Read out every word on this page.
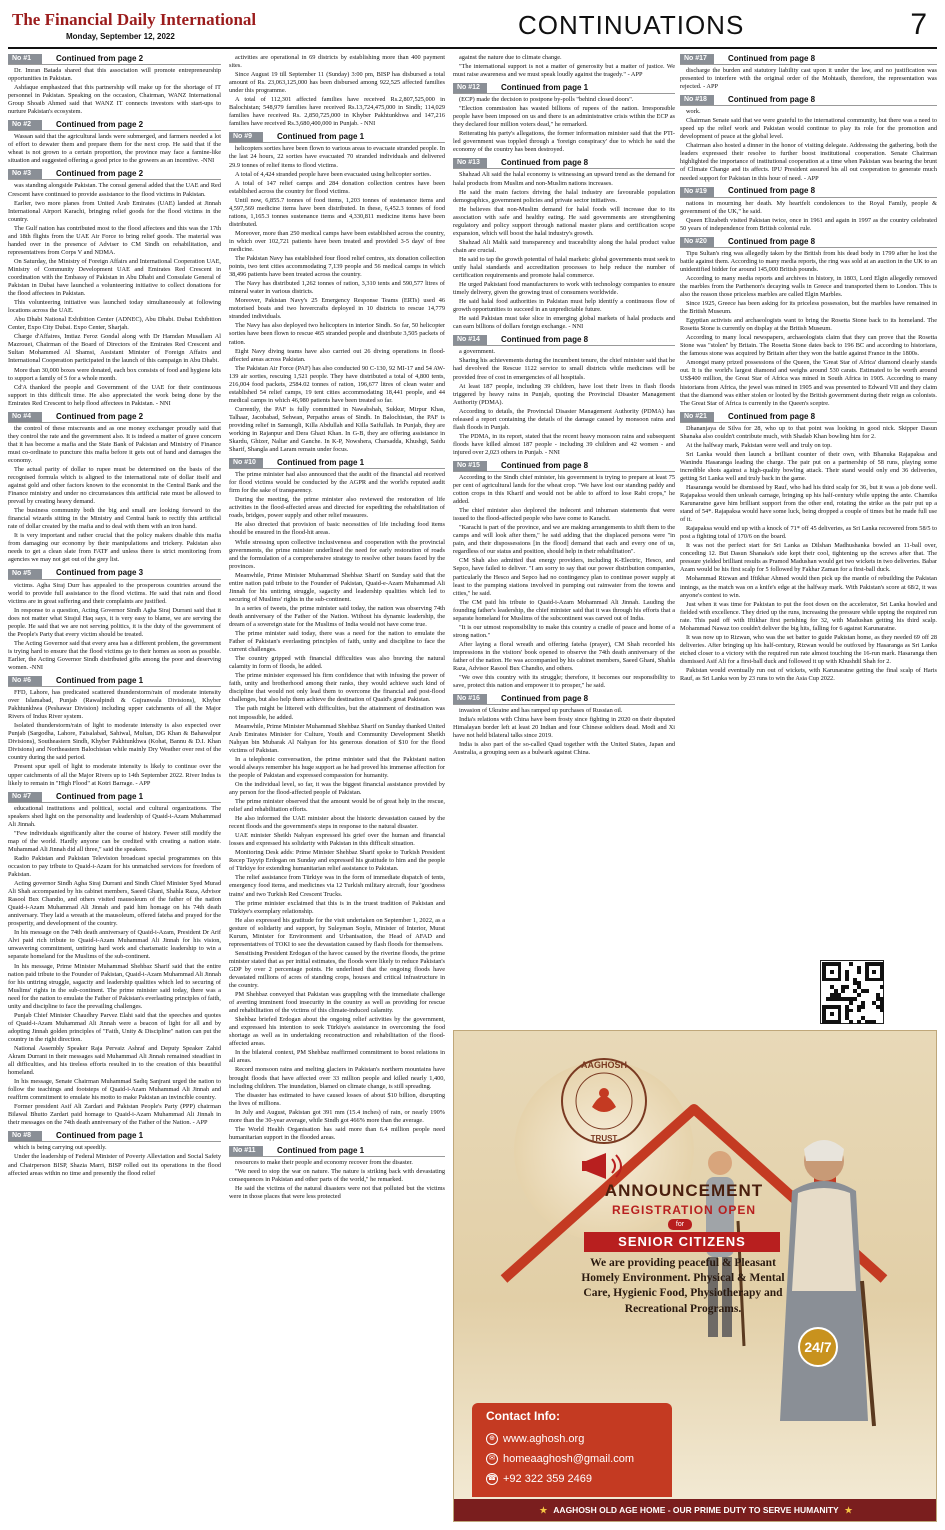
The Financial Daily International
Monday, September 12, 2022	CONTINUATIONS	7
No #1	Continued from page 2

Dr. Imran Batada shared that this association will promote entrepreneurship opportunities in Pakistan.

Ashfaque emphasized that this partnership will make up for the shortage of IT personnel in Pakistan. Speaking on the occasion, Chairman, WANZ International Group Shoaib Ahmed said that WANZ IT connects investors with start-ups to nurture Pakistan's ecosystem.

No #2	Continued from page 2

Wassan said that the agricultural lands were submerged, and farmers needed a lot of effort to dewater them and prepare them for the next crop. He said that if the wheat is not grown to a certain proportion, the province may face a famine-like situation and suggested offering a good price to the growers as an incentive. -NNI

No #3	Continued from page 2

was standing alongside Pakistan. The consul general added that the UAE and Red Crescent have continued to provide assistance to the flood victims in Pakistan.

Earlier, two more planes from United Arab Emirates (UAE) landed at Jinnah International Airport Karachi, bringing relief goods for the flood victims in the country.

The Gulf nation has contributed most to the flood affectees and this was the 17th and 18th flights from the UAE Air Force to bring relief goods. The material was handed over in the presence of Adviser to CM Sindh on rehabilitation, and representatives from Corps V and NDMA.

On Saturday, the Ministry of Foreign Affairs and International Cooperation UAE, Ministry of Community Development UAE and Emirates Red Crescent in coordination with the Embassy of Pakistan in Abu Dhabi and Consulate General of Pakistan in Dubai have launched a volunteering initiative to collect donations for the flood affectees in Pakistan.

This volunteering initiative was launched today simultaneously at following locations across the UAE.

Abu Dhabi National Exhibition Center (ADNEC), Abu Dhabi. Dubai Exhibition Center, Expo City Dubai. Expo Center, Sharjah.

Charge d'Affaires, Imtiaz Feroz Gondal along with Dr Hamdan Musallam Al Mazrouei, Chairman of the Board of Directors of the Emirates Red Crescent and Sultan Mohammed Al Shamsi, Assistant Minister of Foreign Affairs and International Cooperation participated in the launch of this campaign in Abu Dhabi.

More than 30,000 boxes were donated, each box consists of food and hygiene kits to support a family of 5 for a whole month.

Cd'A thanked the people and Government of the UAE for their continuous support in this difficult time. He also appreciated the work being done by the Emirates Red Crescent to help flood affectees in Pakistan. - NNI

No #4	Continued from page 2

the control of these miscreants and as one money exchanger proudly said that they control the rate and the government also. It is indeed a matter of grave concern that it has become a mafia and the State Bank of Pakistan and Ministry of Finance must co-ordinate to puncture this mafia before it gets out of hand and damages the economy.

The actual parity of dollar to rupee must be determined on the basis of the recognised formula which is aligned to the international rate of dollar itself and against gold and other factors known to the economist in the Central Bank and the Finance ministry and under no circumstances this artificial rate must be allowed to prevail by creating heavy demand.

The business community both the big and small are looking forward to the financial wizards sitting in the Ministry and Central bank to rectify this artificial rate of dollar created by the mafia and to deal with them with an iron hand.

It is very important and rather crucial that the policy makers disable this mafia from damaging our economy by their manipulations and trickery. Pakistan also needs to get a clean slate from FATF and unless there is strict monitoring from agencies we may not get out of the grey list.

No #5	Continued from page 3

victims. Agha Siraj Durr has appealed to the prosperous countries around the world to provide full assistance to the flood victims. He said that rain and flood victims are in great suffering and their complaints are justified.

In response to a question, Acting Governor Sindh Agha Siraj Durrani said that it does not matter what Sirajul Haq says, it is very easy to blame, we are serving the people. He said that we are not serving politics, it is the duty of the government of the People's Party that every victim should be treated.

The Acting Governor said that every area has a different problem, the government is trying hard to ensure that the flood victims go to their homes as soon as possible. Earlier, the Acting Governor Sindh distributed gifts among the poor and deserving women. -NNI

No #6	Continued from page 1

FFD, Lahore, has predicated scattered thunderstorm/rain of moderate intensity over Islamabad, Punjab (Rawalpindi & Gujranwala Divisions), Khyber Pakhtunkhwa (Peshawar Division) including upper catchments of all the Major Rivers of Indus River system.

Isolated thunderstorm/rain of light to moderate intensity is also expected over Punjab (Sargodha, Lahore, Faisalabad, Sahiwal, Multan, DG Khan & Bahawalpur Divisions), Southeastern Sindh, Khyber Pakhtunkhwa (Kohat, Bannu & D.I. Khan Divisions) and Northeastern Balochistan while mainly Dry Weather over rest of the country during the said period.

Present spur spell of light to moderate intensity is likely to continue over the upper catchments of all the Major Rivers up to 14th September 2022. River Indus is likely to remain in "High Flood" at Kotri Barrage. - APP

No #7	Continued from page 1

educational institutions and political, social and cultural organizations. The speakers shed light on the personality and leadership of Quaid-i-Azam Muhammad Ali Jinnah.

"Few individuals significantly alter the course of history. Fewer still modify the map of the world. Hardly anyone can be credited with creating a nation state. Muhammad Ali Jinnah did all three," said the speakers.

Radio Pakistan and Pakistan Television broadcast special programmes on this occasion to pay tribute to Quaid-i-Azam for his unmatched services for freedom of Pakistan.

Acting governor Sindh Agha Siraj Durrani and Sindh Chief Minister Syed Murad Ali Shah accompanied by his cabinet members, Saeed Ghani, Shahla Raza, Advisor Rasool Bux Chandio, and others visited mausoleum of the father of the nation Quaid-i-Azam Muhammad Ali Jinnah and paid him homage on his 74th death anniversary. They laid a wreath at the mausoleum, offered fateha and prayed for the prosperity, and development of the country.

In his message on the 74th death anniversary of Quaid-i-Azam, President Dr Arif Alvi paid rich tribute to Quaid-i-Azam Muhammad Ali Jinnah for his vision, unwavering commitment, untiring hard work and charismatic leadership to win a separate homeland for the Muslims of the sub-continent.

In his message, Prime Minister Muhammad Shehbaz Sharif said that the entire nation paid tribute to the Founder of Pakistan, Quaid-i-Azam Muhammad Ali Jinnah for his untiring struggle, sagacity and leadership qualities which led to securing of Muslims' rights in the sub-continent. The prime minister said today, there was a need for the nation to emulate the Father of Pakistan's everlasting principles of faith, unity and discipline to face the prevailing challenges.

Punjab Chief Minister Chaudhry Parvez Elahi said that the speeches and quotes of Quaid-i-Azam Muhammad Ali Jinnah were a beacon of light for all and by adopting Jinnah golden principles of "Faith, Unity & Discipline" nation can put the country in the right direction.

National Assembly Speaker Raja Pervaiz Ashraf and Deputy Speaker Zahid Akram Durrani in their messages said Muhammad Ali Jinnah remained steadfast in all difficulties, and his tireless efforts resulted in to the creation of this beautiful homeland.

In his message, Senate Chairman Muhammad Sadiq Sanjrani urged the nation to follow the teachings and footsteps of Quaid-i-Azam Muhammad Ali Jinnah and reaffirm commitment to emulate his motto to make Pakistan an invincible country.

Former president Asif Ali Zardari and Pakistan People's Party (PPP) chairman Bilawal Bhutto Zardari paid homage to Quaid-i-Azam Muhammad Ali Jinnah in their messages on the 74th death anniversary of the Father of the Nation. - APP

No #8	Continued from page 1

which is being carrying out speedily.

Under the leadership of Federal Minister of Poverty Alleviation and Social Safety and Chairperson BISP, Shazia Marri, BISP rolled out its operations in the flood affected areas within no time and presently the flood relief

activities are operational in 69 districts by establishing more than 400 payment sites.

Since August 19 till September 11 (Sunday) 3:00 pm, BISP has disbursed a total amount of Rs. 23,063,125,000 has been disbursed among 922,525 affected families under this programme.

A total of 112,301 affected families have received Rs.2,807,525,000 in Balochistan; 548,979 families have received Rs.13,724,475,000 in Sindh; 114,029 families have received Rs. 2,850,725,000 in Khyber Pakhtunkhwa and 147,216 families have received Rs.3,680,400,000 in Punjab. - NNI

No #9	Continued from page 1

helicopters sorties have been flown to various areas to evacuate stranded people. In the last 24 hours, 22 sorties have evacuated 70 stranded individuals and delivered 29.9 tonnes of relief items to flood victims.

A total of 4,424 stranded people have been evacuated using helicopter sorties.

A total of 147 relief camps and 284 donation collection centres have been established across the country for flood victims.

Until now, 6,855.7 tonnes of food items, 1,203 tonnes of sustenance items and 4,597,569 medicine items have been distributed. In these, 6,452.3 tonnes of food rations, 1,165.3 tonnes sustenance items and 4,330,811 medicine items have been distributed.

Moreover, more than 250 medical camps have been established across the country, in which over 102,721 patients have been treated and provided 3-5 days' of free medicine.

The Pakistan Navy has established four flood relief centres, six donation collection points, two tent cities accommodating 7,139 people and 56 medical camps in which 38,496 patients have been treated across the country.

The Navy has distributed 1,262 tonnes of ration, 3,310 tents and 590,577 litres of mineral water in various districts.

Moreover, Pakistan Navy's 25 Emergency Response Teams (ERTs) used 46 motorised boats and two hovercrafts deployed in 10 districts to rescue 14,779 stranded individuals.

The Navy has also deployed two helicopters in interior Sindh. So far, 50 helicopter sorties have been flown to rescue 465 stranded people and distribute 3,505 packets of ration.

Eight Navy diving teams have also carried out 26 diving operations in flood-affected areas across Pakistan.

The Pakistan Air Force (PAF) has also conducted 90 C-130, 92 MI-17 and 54 AW-139 air sorties, rescuing 1,521 people. They have distributed a total of 4,800 tents, 216,004 food packets, 2584.02 tonnes of ration, 196,677 litres of clean water and established 54 relief camps, 19 tent cities accommodating 18,441 people, and 44 medical camps in which 46,980 patients have been treated so far.

Currently, the PAF is fully committed in Nawabshah, Sukkur, Mirpur Khas, Talhaar, Jacobabad, Sehwan, Perpatho areas of Sindh. In Balochistan, the PAF is providing relief in Samungli, Killa Abdullah and Killa Saifullah. In Punjab, they are working in Rajanpur and Dera Ghazi Khan. In G-B, they are offering assistance in Skardu, Ghizer, Naltar and Ganche. In K-P, Nowshera, Charsadda, Khushgi, Saidu Sharif, Shangla and Laram remain under focus.

No #10	Continued from page 1

The prime minister had also announced that the audit of the financial aid received for flood victims would be conducted by the AGPR and the world's reputed audit firm for the sake of transparency.

During the meeting, the prime minister also reviewed the restoration of life activities in the flood-affected areas and directed for expediting the rehabilitation of roads, bridges, power supply and other relief measures.

He also directed that provision of basic necessities of life including food items should be ensured in the flood-hit areas.

While stressing upon collective inclusiveness and cooperation with the provincial governments, the prime minister underlined the need for early restoration of roads and the formulation of a comprehensive strategy to resolve other issues faced by the provinces.

Meanwhile, Prime Minister Muhammad Shehbaz Sharif on Sunday said that the entire nation paid tribute to the Founder of Pakistan, Quaid-e-Azam Muhammad Ali Jinnah for his untiring struggle, sagacity and leadership qualities which led to securing of Muslims' rights in the sub-continent.

In a series of tweets, the prime minister said today, the nation was observing 74th death anniversary of the Father of the Nation. Without his dynamic leadership, the dream of a sovereign state for the Muslims of India would not have come true.

The prime minister said today, there was a need for the nation to emulate the Father of Pakistan's everlasting principles of faith, unity and discipline to face the current challenges.

The country gripped with financial difficulties was also braving the natural calamity in form of floods, he added.

The prime minister expressed his firm confidence that with infusing the power of faith, unity and brotherhood among their ranks, they would achieve such kind of discipline that would not only lead them to overcome the financial and post-flood challenges, but also help them achieve the destination of Quaid's great Pakistan.

The path might be littered with difficulties, but the attainment of destination was not impossible, he added.

Meanwhile, Prime Minister Muhammad Shehbaz Sharif on Sunday thanked United Arab Emirates Minister for Culture, Youth and Community Development Sheikh Nahyan bin Mubarak Al Nahyan for his generous donation of $10 for the flood victims of Pakistan.

In a telephonic conversation, the prime minister said that the Pakistani nation would always remember his huge support as he had proved his immense affection for the people of Pakistan and expressed compassion for humanity.

On the individual level, so far, it was the biggest financial assistance provided by any person for the flood-affected people of Pakistan.

The prime minister observed that the amount would be of great help in the rescue, relief and rehabilitation efforts.

He also informed the UAE minister about the historic devastation caused by the recent floods and the government's steps in response to the natural disaster.

UAE minister Sheikh Nahyan expressed his grief over the human and financial losses and expressed his solidarity with Pakistan in this difficult situation.

Monitoring Desk adds: Prime Minister Shehbaz Sharif spoke to Turkish President Recep Tayyip Erdogan on Sunday and expressed his gratitude to him and the people of Türkiye for extending humanitarian relief assistance to Pakistan.

The relief assistance from Türkiye was in the form of immediate dispatch of tents, emergency food items, and medicines via 12 Turkish military aircraft, four 'goodness trains' and two Turkish Red Crescent Trucks.

The prime minister exclaimed that this is in the truest tradition of Pakistan and Türkiye's exemplary relationship.

He also expressed his gratitude for the visit undertaken on September 1, 2022, as a gesture of solidarity and support, by Suleyman Soylu, Minister of Interior, Murat Kurum, Minister for Environment and Urbanisation, the Head of AFAD and representatives of TOKI to see the devastation caused by flash floods for themselves.

Sensitising President Erdogan of the havoc caused by the riverine floods, the prime minister stated that as per initial estimates, the floods were likely to reduce Pakistan's GDP by over 2 percentage points. He underlined that the ongoing floods have devastated millions of acres of standing crops, houses and critical infrastructure in the country.

PM Shehbaz conveyed that Pakistan was grappling with the immediate challenge of averting imminent food insecurity in the country as well as providing for rescue and rehabilitation of the victims of this climate-induced calamity.

Shehbaz briefed Erdogan about the ongoing relief activities by the government, and expressed his intention to seek Türkiye's assistance in overcoming the food shortage as well as in undertaking reconstruction and rehabilitation of the flood-affected areas.

In the bilateral context, PM Shehbaz reaffirmed commitment to boost relations in all areas.

Record monsoon rains and melting glaciers in Pakistan's northern mountains have brought floods that have affected over 33 million people and killed nearly 1,400, including children. The inundation, blamed on climate change, is still spreading.

The disaster has estimated to have caused losses of about $10 billion, disrupting the lives of millions.

In July and August, Pakistan got 391 mm (15.4 inches) of rain, or nearly 190% more than the 30-year average, while Sindh got 466% more than the average.

The World Health Organisation has said more than 6.4 million people need humanitarian support in the flooded areas.

No #11	Continued from page 1

resources to make their people and economy recover from the disaster.

"We need to stop the war on nature. The nature is striking back with devastating consequences in Pakistan and other parts of the world," he remarked.

He said the victims of the natural disasters were not that polluted but the victims were in those places that were less protected

against the nature due to climate change.

"The international support is not a matter of generosity but a matter of justice. We must raise awareness and we must speak loudly against the tragedy." - APP

No #12	Continued from page 1

(ECP) made the decision to postpone by-polls "behind closed doors".

"Election commission has wasted billions of rupees of the nation. Irresponsible people have been imposed on us and there is an administrative crisis within the ECP as they declared four million voters dead," he remarked.

Reiterating his party's allegations, the former information minister said that the PTI-led government was toppled through a 'foreign conspiracy' due to which he said the economy of the country has been destroyed.

No #13	Continued from page 8

Shahzad Ali said the halal economy is witnessing an upward trend as the demand for halal products from Muslim and non-Muslim nations increases.

He said the main factors driving the halal industry are favourable population demographics, government policies and private sector initiatives.

He believes that non-Muslim demand for halal foods will increase due to its association with safe and healthy eating. He said governments are strengthening regulatory and policy support through national master plans and certification scope expansion, which will boost the halal industry's growth.

Shahzad Ali Malik said transparency and traceability along the halal product value chain are crucial.

He said to tap the growth potential of halal markets: global governments must seek to unify halal standards and accreditation processes to help reduce the number of certification requirements and promote halal commerce.

He urged Pakistani food manufacturers to work with technology companies to ensure timely delivery, given the growing trust of consumers worldwide.

He said halal food authorities in Pakistan must help identify a continuous flow of growth opportunities to succeed in an unpredictable future.

He said Pakistan must take slice in emerging global markets of halal products and can earn billions of dollars foreign exchange. - NNI

No #14	Continued from page 8

a government.

Sharing his achievements during the incumbent tenure, the chief minister said that he had devolved the Rescue 1122 service to small districts while medicines will be provided free of cost in emergencies of all hospitals.

At least 187 people, including 39 children, have lost their lives in flash floods triggered by heavy rains in Punjab, quoting the Provincial Disaster Management Authority (PDMA).

According to details, the Provincial Disaster Management Authority (PDMA) has released a report containing the details of the damage caused by monsoon rains and flash floods in Punjab.

The PDMA, in its report, stated that the recent heavy monsoon rains and subsequent floods have killed almost 187 people - including 39 children and 42 women - and injured over 2,023 others in Punjab. - NNI

No #15	Continued from page 8

According to the Sindh chief minister, his government is trying to prepare at least 75 per cent of agricultural lands for the wheat crop. "We have lost our standing paddy and cotton crops in this Kharif and would not be able to afford to lose Rabi crops," he added.

The chief minister also deplored the indecent and inhuman statements that were issued to the flood-affected people who have come to Karachi.

"Karachi is part of the province, and we are making arrangements to shift them to the camps and will look after them," he said adding that the displaced persons were "in pain, and their dispossessions [in the flood] demand that each and every one of us, regardless of our status and position, should help in their rehabilitation".

CM Shah also admitted that energy providers, including K-Electric, Hesco, and Sepco, have failed to deliver. "I am sorry to say that our power distribution companies, particularly the Hesco and Sepco had no contingency plan to continue power supply at least to the pumping stations involved in pumping out rainwater from the towns and cities," he said.

The CM paid his tribute to Quaid-i-Azam Mohammad Ali Jinnah. Lauding the founding father's leadership, the chief minister said that it was through his efforts that a separate homeland for Muslims of the subcontinent was carved out of India.

"It is our utmost responsibility to make this country a cradle of peace and home of a strong nation."

After laying a floral wreath and offering fateha (prayer), CM Shah recorded his impressions in the visitors' book opened to observe the 74th death anniversary of the father of the nation. He was accompanied by his cabinet members, Saeed Ghani, Shahla Raza, Advisor Rasool Bux Chandio, and others.

"We owe this country with its struggle; therefore, it becomes our responsibility to save, protect this nation and empower it to prosper," he said.

No #16	Continued from page 8

invasion of Ukraine and has ramped up purchases of Russian oil.

India's relations with China have been frosty since fighting in 2020 on their disputed Himalayan border left at least 20 Indian and four Chinese soldiers dead. Modi and Xi have not held bilateral talks since 2019.

India is also part of the so-called Quad together with the United States, Japan and Australia, a grouping seen as a bulwark against China.

No #17	Continued from page 8

discharge the burden and statutory liability cast upon it under the law, and no justification was presented to interfere with the original order of the Mohtasib, therefore, the representation was rejected. - APP

No #18	Continued from page 8

work.

Chairman Senate said that we were grateful to the international community, but there was a need to speed up the relief work and Pakistan would continue to play its role for the promotion and development of peace at the global level.

Chairman also hosted a dinner in the honor of visiting delegate. Addressing the gathering, both the leaders expressed their resolve to further boost institutional cooperation. Senate Chairman highlighted the importance of institutional cooperation at a time when Pakistan was bearing the brunt of Climate Change and its affects. IPU President assured his all out cooperation to generate much needed support for Pakistan in this hour of need. - APP

No #19	Continued from page 8

nations in mourning her death. My heartfelt condolences to the Royal Family, people & government of the UK," he said.

Queen Elizabeth visited Pakistan twice, once in 1961 and again in 1997 as the country celebrated 50 years of independence from British colonial rule.

No #20	Continued from page 8

Tipu Sultan's ring was allegedly taken by the British from his dead body in 1799 after he lost the battle against them. According to many media reports, the ring was sold at an auction in the UK to an unidentified bidder for around 145,000 British pounds.

According to many media reports and archives in history, in 1803, Lord Elgin allegedly removed the marbles from the Parthenon's decaying walls in Greece and transported them to London. This is also the reason those priceless marbles are called Elgin Marbles.

Since 1925, Greece has been asking for its priceless possession, but the marbles have remained in the British Museum.

Egyptian activists and archaeologists want to bring the Rosetta Stone back to its homeland. The Rosetta Stone is currently on display at the British Museum.

According to many local newspapers, archaeologists claim that they can prove that the Rosetta Stone was "stolen" by Britain. The Rosetta Stone dates back to 196 BC and according to historians, the famous stone was acquired by Britain after they won the battle against France in the 1800s.

Amongst many prized possessions of the Queen, the 'Great Star of Africa' diamond clearly stands out. It is the world's largest diamond and weighs around 530 carats. Estimated to be worth around US$400 million, the Great Star of Africa was mined in South Africa in 1905. According to many historians from Africa, the jewel was mined in 1905 and was presented to Edward VII and they claim that the diamond was either stolen or looted by the British government during their reign as colonists. The Great Star of Africa is currently in the Queen's sceptre.

No #21	Continued from page 8

Dhananjaya de Silva for 28, who up to that point was looking in good nick. Skipper Dasun Shanaka also couldn't contribute much, with Shadab Khan bowling him for 2.

At the halfway mark, Pakistan were well and truly on top.

Sri Lanka would then launch a brilliant counter of their own, with Bhanuka Rajapaksa and Wanindu Hasaranga leading the charge. The pair put on a partnership of 58 runs, playing some incredible shots against a high-quality bowling attack. Their stand would only end 36 deliveries, getting Sri Lanka well and truly back in the game.

Hasaranga would be dismissed by Rauf, who had his third scalp for 36, but it was a job done well. Rajapaksa would then unleash carnage, bringing up his half-century while upping the ante. Chamika Karunaratne gave him brilliant support from the other end, rotating the strike as the pair put up a stand of 54*. Rajapaksa would have some luck, being dropped a couple of times but he made full use of it.

Rajapaksa would end up with a knock of 71* off 45 deliveries, as Sri Lanka recovered from 58/5 to post a fighting total of 170/6 on the board.

It was not the perfect start for Sri Lanka as Dilshan Madhushanka bowled an 11-ball over, conceding 12. But Dasun Shanaka's side kept their cool, tightening up the screws after that. The pressure yielded brilliant results as Pramod Madushan would get two wickets in two deliveries. Babar Azam would be his first scalp for 5 followed by Fakhar Zaman for a first-ball duck.

Mohammad Rizwan and Iftikhar Ahmed would then pick up the mantle of rebuilding the Pakistan innings, as the match was on a knife's edge at the halfway mark. With Pakistan's score at 68/2, it was anyone's contest to win.

Just when it was time for Pakistan to put the foot down on the accelerator, Sri Lanka howled and fielded with excellence. They dried up the runs, increasing the pressure while upping the required run rate. This paid off with Iftikhar first perishing for 32, with Madushan getting his third scalp. Mohammad Nawaz too couldn't deliver the big hits, falling for 6 against Karunaratne.

It was now up to Rizwan, who was the set batter to guide Pakistan home, as they needed 69 off 28 deliveries. After bringing up his half-century, Rizwan would be outfoxed by Hasaranga as Sri Lanka etched closer to a victory with the required run rate almost touching the 16-run mark. Hasaranga then dismissed Asif Ali for a first-ball duck and followed it up with Khushdil Shah for 2.

Pakistan would eventually run out of wickets, with Karunaratne getting the final scalp of Haris Rauf, as Sri Lanka won by 23 runs to win the Asia Cup 2022.

AAGHOSH
TRUST
ANNOUNCEMENT
REGISTRATION OPEN
for
SENIOR CITIZENS
We are providing peaceful & Pleasant Homely Environment. Physical & Mental Care, Hygienic Food, Physiotherapy and Recreational Programs.
24/7
Contact Info:
⊕ www.aghosh.org
✉ homeaaghosh@gmail.com
☎ +92 322 359 2469
★ AAGHOSH OLD AGE HOME - OUR PRIME DUTY TO SERVE HUMANITY ★
